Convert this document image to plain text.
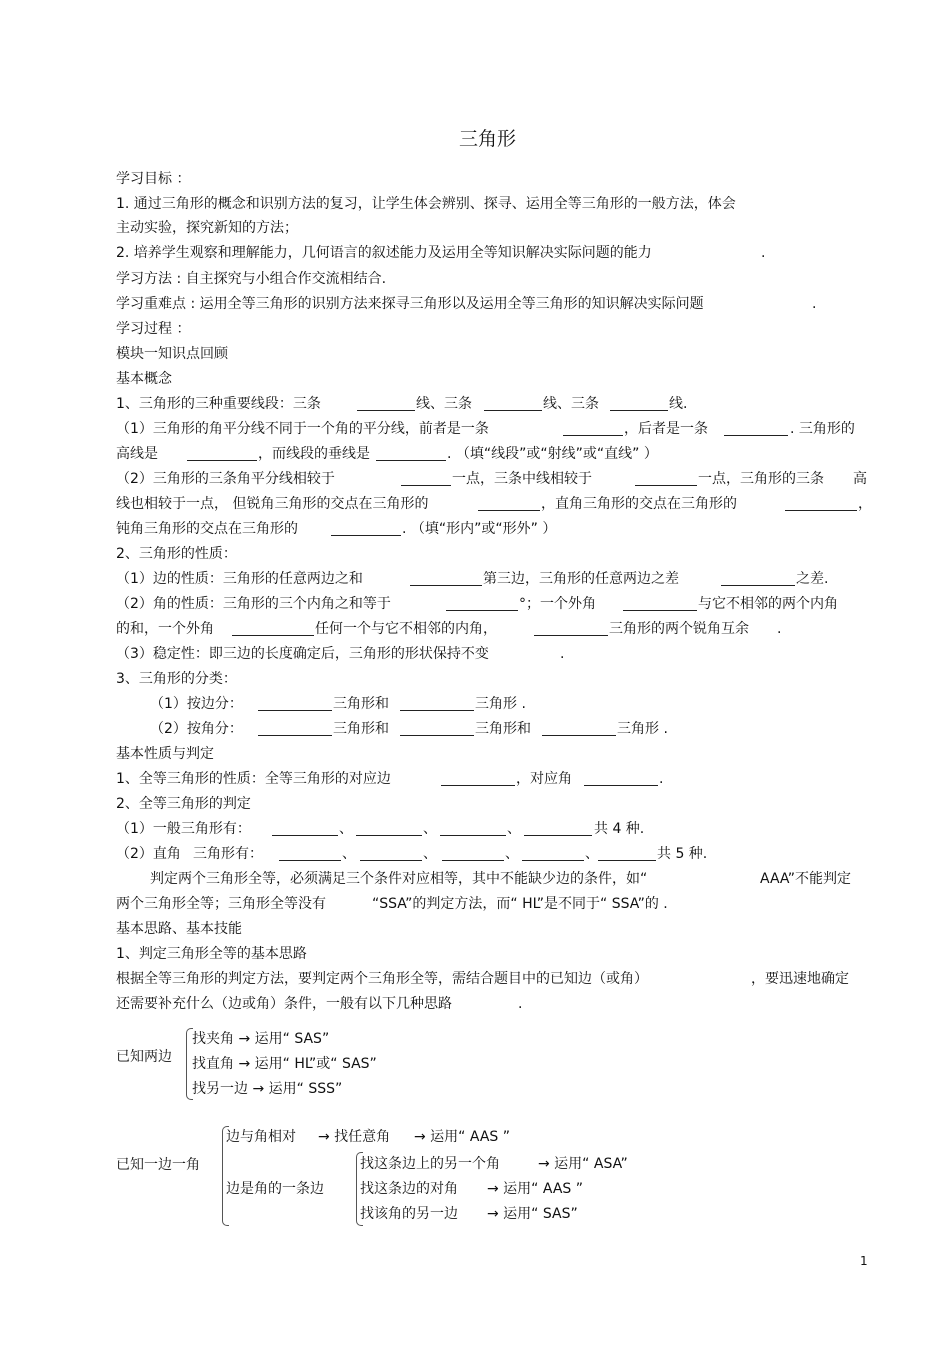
三角形
学习目标 ：
1. 通过三角形的概念和识别方法的复习，让学生体会辨别、探寻、运用全等三角形的一般方法，体会
主动实验，探究新知的方法；
2. 培养学生观察和理解能力，几何语言的叙述能力及运用全等知识解决实际问题的能力	.
学习方法 : 自主探究与小组合作交流相结合.
学习重难点 : 运用全等三角形的识别方法来探寻三角形以及运用全等三角形的知识解决实际问题	.
学习过程 ：
模块一知识点回顾
基本概念
1、三角形的三种重要线段：三条	线、三条	线、三条	线.
（1）三角形的角平分线不同于一个角的平分线，前者是一条	，后者是一条	. 三角形的
高线是	，而线段的垂线是	. （填“线段”或“射线”或“直线” ）
（2）三角形的三条角平分线相较于	一点，三条中线相较于	一点，三角形的三条 高
线也相较于一点， 但锐角三角形的交点在三角形的	，直角三角形的交点在三角形的	，
钝角三角形的交点在三角形的	. （填“形内”或“形外” ）
2、三角形的性质：
（1）边的性质：三角形的任意两边之和	第三边，三角形的任意两边之差	之差.
（2）角的性质：三角形的三个内角之和等于	°；一个外角	与它不相邻的两个内角
的和，一个外角	任何一个与它不相邻的内角，	三角形的两个锐角互余 .
（3）稳定性：即三边的长度确定后，三角形的形状保持不变	.
3、三角形的分类：
（1）按边分：	三角形和	三角形 .
（2）按角分：	三角形和	三角形和	三角形 .
基本性质与判定
1、全等三角形的性质：全等三角形的对应边	，对应角	.
2、全等三角形的判定
（1）一般三角形有：	、	、	、	共 4 种.
（2）直角 三角形有：	、	、	、	、	共 5 种.
判定两个三角形全等，必须满足三个条件对应相等，其中不能缺少边的条件，如“	AAA”不能判定
两个三角形全等；三角形全等没有	“SSA”的判定方法，而“ HL”是不同于“ SSA”的 .
基本思路、基本技能
1、判定三角形全等的基本思路
根据全等三角形的判定方法，要判定两个三角形全等，需结合题目中的已知边（或角）	，要迅速地确定
还需要补充什么（边或角）条件，一般有以下几种思路	.
已知两边
找夹角 → 运用“ SAS”
找直角 → 运用“ HL”或“ SAS”
找另一边 → 运用“ SSS”
已知一边一角
边与角相对 → 找任意角 → 运用“ AAS ”
边是角的一条边
找这条边上的另一个角	→ 运用“ ASA”
找这条边的对角 → 运用“ AAS ”
找该角的另一边 → 运用“ SAS”
1
